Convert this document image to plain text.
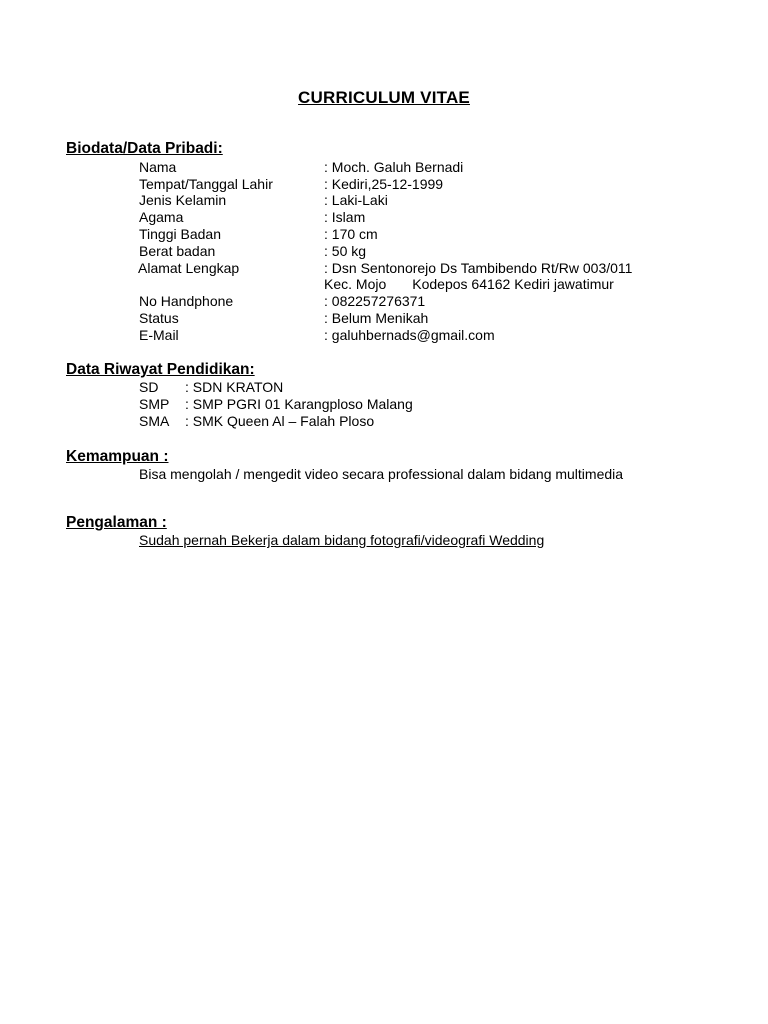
CURRICULUM VITAE
Biodata/Data Pribadi:
Nama	: Moch. Galuh Bernadi
Tempat/Tanggal Lahir	: Kediri,25-12-1999
Jenis Kelamin	: Laki-Laki
Agama	: Islam
Tinggi Badan	: 170 cm
Berat badan	: 50 kg
Alamat Lengkap	: Dsn Sentonorejo Ds Tambibendo Rt/Rw 003/011
Kec. Mojo Kodepos 64162 Kediri jawatimur
No Handphone	: 082257276371
Status	: Belum Menikah
E-Mail	: galuhbernads@gmail.com
Data Riwayat Pendidikan:
SD : SDN KRATON
SMP : SMP PGRI 01 Karangploso Malang
SMA : SMK Queen Al – Falah Ploso
Kemampuan :
Bisa mengolah / mengedit video secara professional dalam bidang multimedia
Pengalaman :
Sudah pernah Bekerja dalam bidang fotografi/videografi Wedding
